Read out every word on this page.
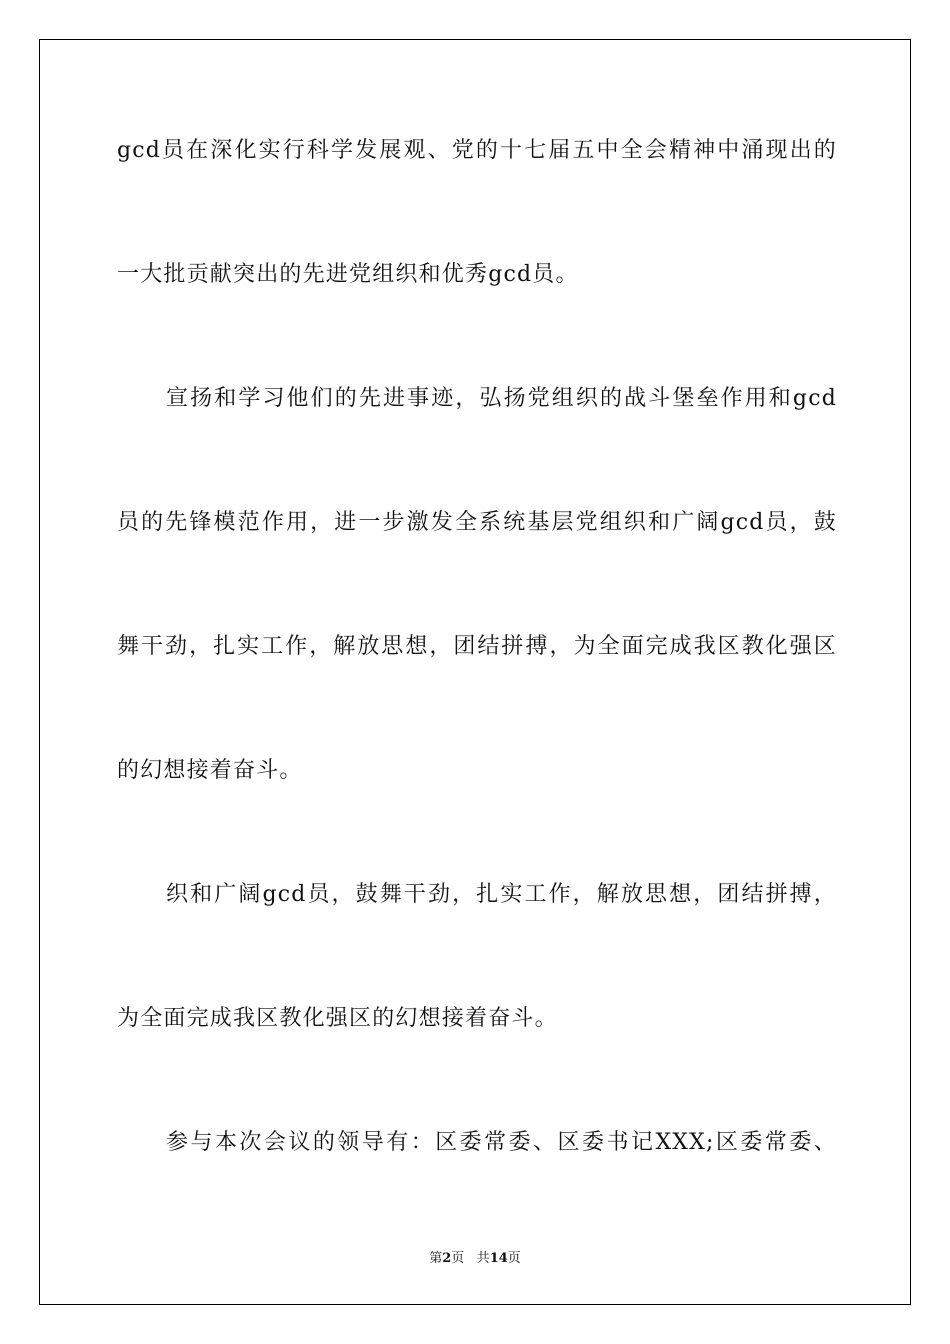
gcd员在深化实行科学发展观、党的十七届五中全会精神中涌现出的
一大批贡献突出的先进党组织和优秀gcd员。
宣扬和学习他们的先进事迹，弘扬党组织的战斗堡垒作用和gcd
员的先锋模范作用，进一步激发全系统基层党组织和广阔gcd员，鼓
舞干劲，扎实工作，解放思想，团结拼搏，为全面完成我区教化强区
的幻想接着奋斗。
织和广阔gcd员，鼓舞干劲，扎实工作，解放思想，团结拼搏，
为全面完成我区教化强区的幻想接着奋斗。
参与本次会议的领导有：区委常委、区委书记XXX;区委常委、
第2页 共14页
